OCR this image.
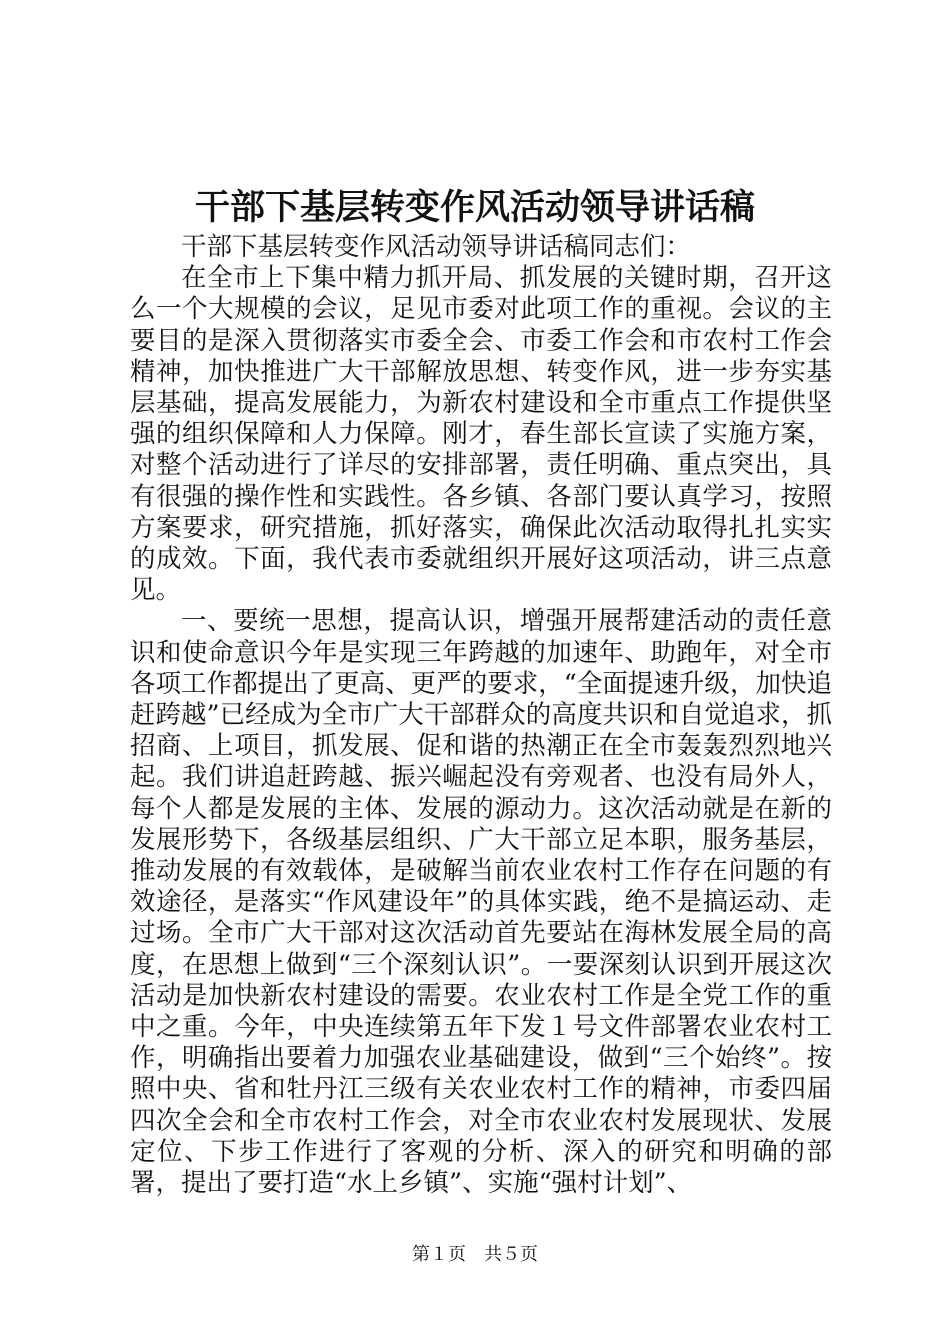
干部下基层转变作风活动领导讲话稿

干部下基层转变作风活动领导讲话稿同志们：

在全市上下集中精力抓开局、抓发展的关键时期，召开这么一个大规模的会议，足见市委对此项工作的重视。会议的主要目的是深入贯彻落实市委全会、市委工作会和市农村工作会精神，加快推进广大干部解放思想、转变作风，进一步夯实基层基础，提高发展能力，为新农村建设和全市重点工作提供坚强的组织保障和人力保障。刚才，春生部长宣读了实施方案，对整个活动进行了详尽的安排部署，责任明确、重点突出，具有很强的操作性和实践性。各乡镇、各部门要认真学习，按照方案要求，研究措施，抓好落实，确保此次活动取得扎扎实实的成效。下面，我代表市委就组织开展好这项活动，讲三点意见。

一、要统一思想，提高认识，增强开展帮建活动的责任意识和使命意识今年是实现三年跨越的加速年、助跑年，对全市各项工作都提出了更高、更严的要求，“全面提速升级，加快追赶跨越”已经成为全市广大干部群众的高度共识和自觉追求，抓招商、上项目，抓发展、促和谐的热潮正在全市轰轰烈烈地兴起。我们讲追赶跨越、振兴崛起没有旁观者、也没有局外人，每个人都是发展的主体、发展的源动力。这次活动就是在新的发展形势下，各级基层组织、广大干部立足本职，服务基层，推动发展的有效载体，是破解当前农业农村工作存在问题的有效途径，是落实“作风建设年”的具体实践，绝不是搞运动、走过场。全市广大干部对这次活动首先要站在海林发展全局的高度，在思想上做到“三个深刻认识”。一要深刻认识到开展这次活动是加快新农村建设的需要。农业农村工作是全党工作的重中之重。今年，中央连续第五年下发１号文件部署农业农村工作，明确指出要着力加强农业基础建设，做到“三个始终”。按照中央、省和牡丹江三级有关农业农村工作的精神，市委四届四次全会和全市农村工作会，对全市农业农村发展现状、发展定位、下步工作进行了客观的分析、深入的研究和明确的部署，提出了要打造“水上乡镇”、实施“强村计划”、

第１页　共５页
